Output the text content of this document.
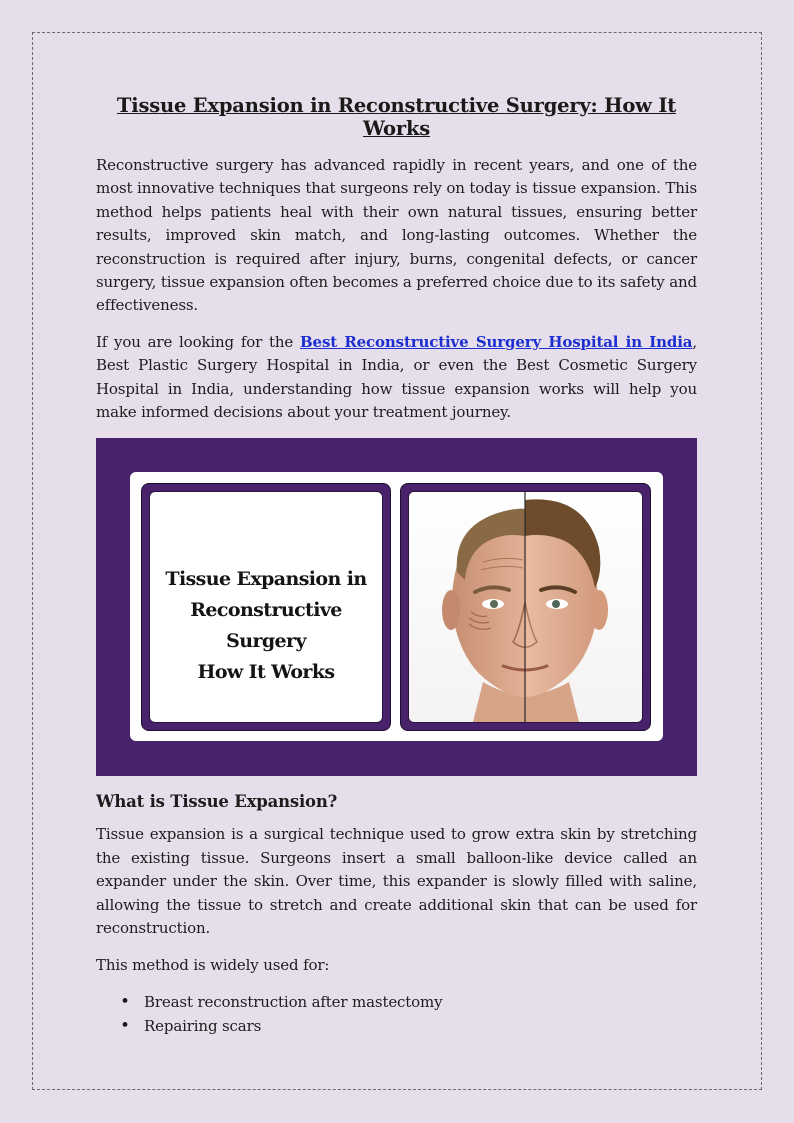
Tissue Expansion in Reconstructive Surgery: How It Works

Reconstructive surgery has advanced rapidly in recent years, and one of the most innovative techniques that surgeons rely on today is tissue expansion. This method helps patients heal with their own natural tissues, ensuring better results, improved skin match, and long-lasting outcomes. Whether the reconstruction is required after injury, burns, congenital defects, or cancer surgery, tissue expansion often becomes a preferred choice due to its safety and effectiveness.

If you are looking for the Best Reconstructive Surgery Hospital in India, Best Plastic Surgery Hospital in India, or even the Best Cosmetic Surgery Hospital in India, understanding how tissue expansion works will help you make informed decisions about your treatment journey.

Tissue Expansion in
Reconstructive Surgery
How It Works
What is Tissue Expansion?

Tissue expansion is a surgical technique used to grow extra skin by stretching the existing tissue. Surgeons insert a small balloon-like device called an expander under the skin. Over time, this expander is slowly filled with saline, allowing the tissue to stretch and create additional skin that can be used for reconstruction.

This method is widely used for:

• Breast reconstruction after mastectomy
• Repairing scars
